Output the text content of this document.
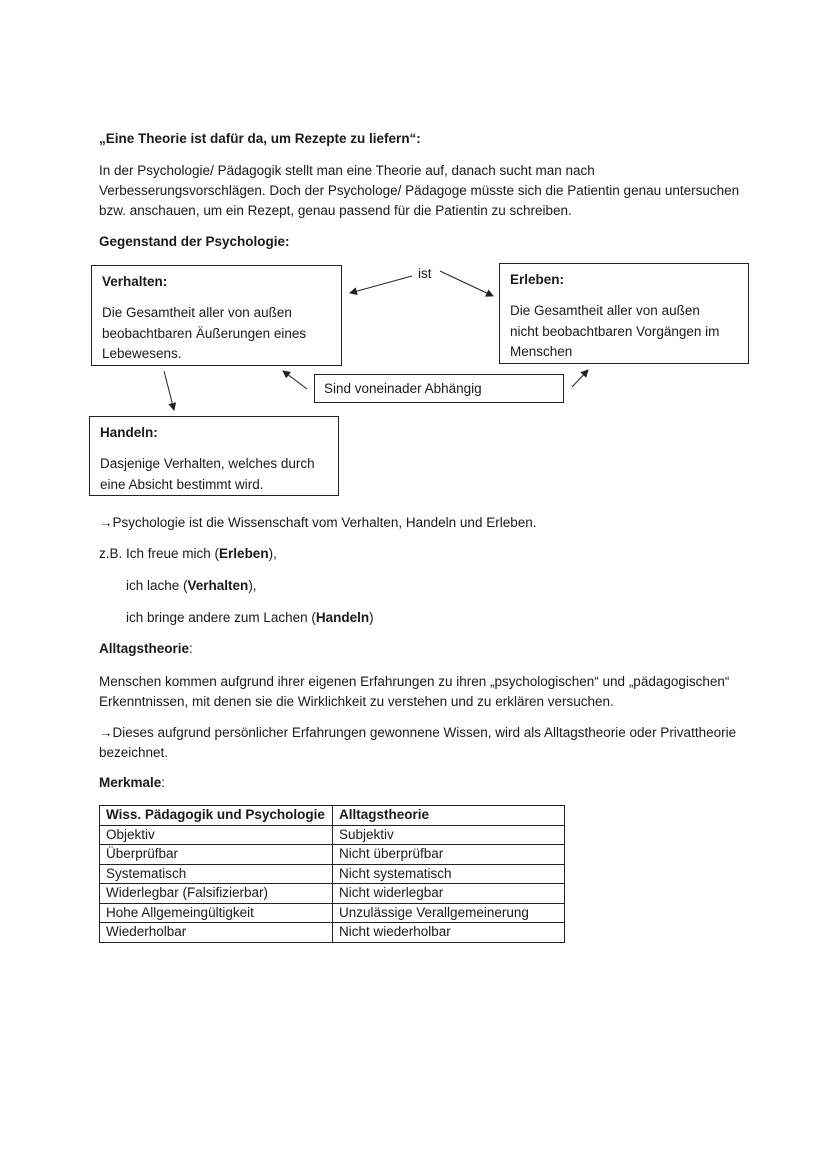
„Eine Theorie ist dafür da, um Rezepte zu liefern“:

In der Psychologie/ Pädagogik stellt man eine Theorie auf, danach sucht man nach
Verbesserungsvorschlägen. Doch der Psychologe/ Pädagoge müsste sich die Patientin genau untersuchen
bzw. anschauen, um ein Rezept, genau passend für die Patientin zu schreiben.

Gegenstand der Psychologie:

Verhalten:
Die Gesamtheit aller von außen
beobachtbaren Äußerungen eines
Lebewesens.
Erleben:
Die Gesamtheit aller von außen
nicht beobachtbaren Vorgängen im
Menschen
Handeln:
Dasjenige Verhalten, welches durch
eine Absicht bestimmt wird.
Sind voneinader Abhängig
ist

→Psychologie ist die Wissenschaft vom Verhalten, Handeln und Erleben.

z.B. Ich freue mich (Erleben),

ich lache (Verhalten),

ich bringe andere zum Lachen (Handeln)

Alltagstheorie:

Menschen kommen aufgrund ihrer eigenen Erfahrungen zu ihren „psychologischen“ und „pädagogischen“
Erkenntnissen, mit denen sie die Wirklichkeit zu verstehen und zu erklären versuchen.
→Dieses aufgrund persönlicher Erfahrungen gewonnene Wissen, wird als Alltagstheorie oder Privattheorie
bezeichnet.

Merkmale:

Wiss. Pädagogik und Psychologie	Alltagstheorie
Objektiv	Subjektiv
Überprüfbar	Nicht überprüfbar
Systematisch	Nicht systematisch
Widerlegbar (Falsifizierbar)	Nicht widerlegbar
Hohe Allgemeingültigkeit	Unzulässige Verallgemeinerung
Wiederholbar	Nicht wiederholbar
